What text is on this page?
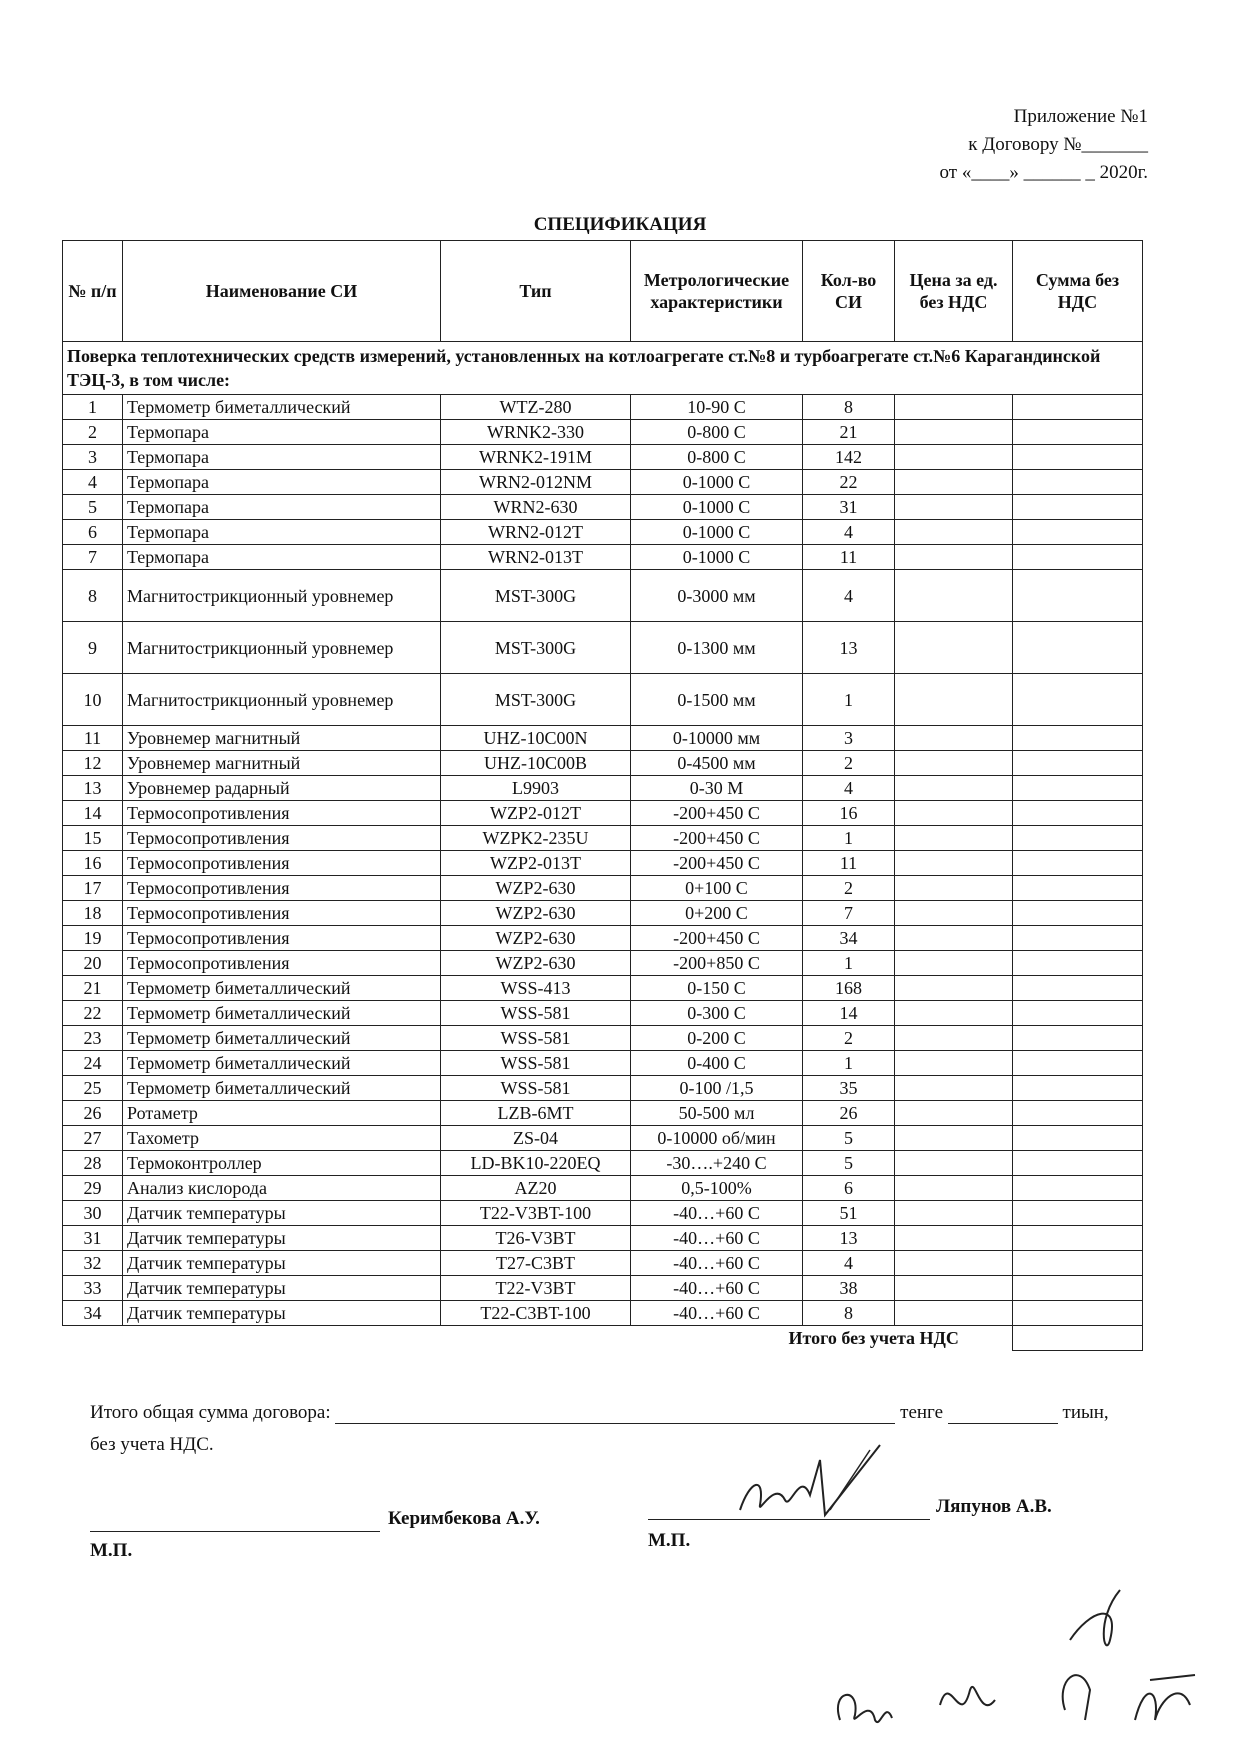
Приложение №1
к Договору №_______
от «____» ______ _ 2020г.
СПЕЦИФИКАЦИЯ
№ п/п	Наименование СИ	Тип	Метрологические характеристики	Кол-во СИ	Цена за ед. без НДС	Сумма без НДС
Поверка теплотехнических средств измерений, установленных на котлоагрегате ст.№8 и турбоагрегате ст.№6 Карагандинской ТЭЦ-3, в том числе:						
1	Термометр биметаллический	WTZ-280	10-90 С	8		
2	Термопара	WRNK2-330	0-800 С	21		
3	Термопара	WRNK2-191M	0-800 С	142		
4	Термопара	WRN2-012NM	0-1000 С	22		
5	Термопара	WRN2-630	0-1000 С	31		
6	Термопара	WRN2-012T	0-1000 С	4		
7	Термопара	WRN2-013T	0-1000 С	11		
8	Магнитострикционный уровнемер	MST-300G	0-3000 мм	4		
9	Магнитострикционный уровнемер	MST-300G	0-1300 мм	13		
10	Магнитострикционный уровнемер	MST-300G	0-1500 мм	1		
11	Уровнемер магнитный	UHZ-10C00N	0-10000 мм	3		
12	Уровнемер магнитный	UHZ-10C00B	0-4500 мм	2		
13	Уровнемер радарный	L9903	0-30 М	4		
14	Термосопротивления	WZP2-012T	-200+450 С	16		
15	Термосопротивления	WZPK2-235U	-200+450 С	1		
16	Термосопротивления	WZP2-013T	-200+450 С	11		
17	Термосопротивления	WZP2-630	0+100 С	2		
18	Термосопротивления	WZP2-630	0+200 С	7		
19	Термосопротивления	WZP2-630	-200+450 С	34		
20	Термосопротивления	WZP2-630	-200+850 С	1		
21	Термометр биметаллический	WSS-413	0-150 С	168		
22	Термометр биметаллический	WSS-581	0-300 С	14		
23	Термометр биметаллический	WSS-581	0-200 С	2		
24	Термометр биметаллический	WSS-581	0-400 С	1		
25	Термометр биметаллический	WSS-581	0-100 /1,5	35		
26	Ротаметр	LZB-6MT	50-500 мл	26		
27	Тахометр	ZS-04	0-10000 об/мин	5		
28	Термоконтроллер	LD-BK10-220EQ	-30….+240 С	5		
29	Анализ кислорода	AZ20	0,5-100%	6		
30	Датчик температуры	T22-V3BT-100	-40…+60 С	51		
31	Датчик температуры	T26-V3BT	-40…+60 С	13		
32	Датчик температуры	T27-C3BT	-40…+60 С	4		
33	Датчик температуры	T22-V3BT	-40…+60 С	38		
34	Датчик температуры	T22-C3BT-100	-40…+60 С	8		
					Итого без учета НДС	
Итого общая сумма договора:	тенге	тиын,
без учета НДС.
Керимбекова А.У.
М.П.
Ляпунов А.В.
М.П.
